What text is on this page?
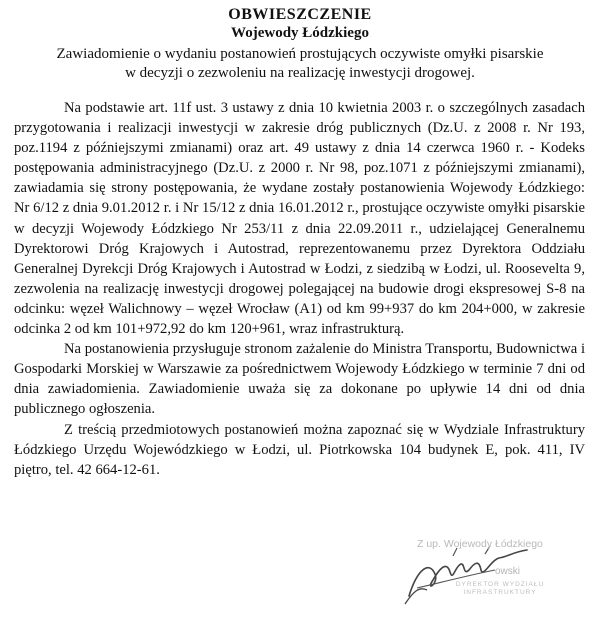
OBWIESZCZENIE
Wojewody Łódzkiego
Zawiadomienie o wydaniu postanowień prostujących oczywiste omyłki pisarskie
w decyzji o zezwoleniu na realizację inwestycji drogowej.

Na podstawie art. 11f ust. 3 ustawy z dnia 10 kwietnia 2003 r. o szczególnych zasadach przygotowania i realizacji inwestycji w zakresie dróg publicznych (Dz.U. z 2008 r. Nr 193, poz.1194 z późniejszymi zmianami) oraz art. 49 ustawy z dnia 14 czerwca 1960 r. - Kodeks postępowania administracyjnego (Dz.U. z 2000 r. Nr 98, poz.1071 z późniejszymi zmianami), zawiadamia się strony postępowania, że wydane zostały postanowienia Wojewody Łódzkiego: Nr 6/12 z dnia 9.01.2012 r. i Nr 15/12 z dnia 16.01.2012 r., prostujące oczywiste omyłki pisarskie w decyzji Wojewody Łódzkiego Nr 253/11 z dnia 22.09.2011 r., udzielającej Generalnemu Dyrektorowi Dróg Krajowych i Autostrad, reprezentowanemu przez Dyrektora Oddziału Generalnej Dyrekcji Dróg Krajowych i Autostrad w Łodzi, z siedzibą w Łodzi, ul. Roosevelta 9, zezwolenia na realizację inwestycji drogowej polegającej na budowie drogi ekspresowej S-8 na odcinku: węzeł Walichnowy – węzeł Wrocław (A1) od km 99+937 do km 204+000, w zakresie odcinka 2 od km 101+972,92 do km 120+961, wraz infrastrukturą.

Na postanowienia przysługuje stronom zażalenie do Ministra Transportu, Budownictwa i Gospodarki Morskiej w Warszawie za pośrednictwem Wojewody Łódzkiego w terminie 7 dni od dnia zawiadomienia. Zawiadomienie uważa się za dokonane po upływie 14 dni od dnia publicznego ogłoszenia.

Z treścią przedmiotowych postanowień można zapoznać się w Wydziale Infrastruktury Łódzkiego Urzędu Wojewódzkiego w Łodzi, ul. Piotrkowska 104 budynek E, pok. 411, IV piętro, tel. 42 664-12-61.

Z up. Wojewody Łódzkiego
owski
DYREKTOR WYDZIAŁU
INFRASTRUKTURY
